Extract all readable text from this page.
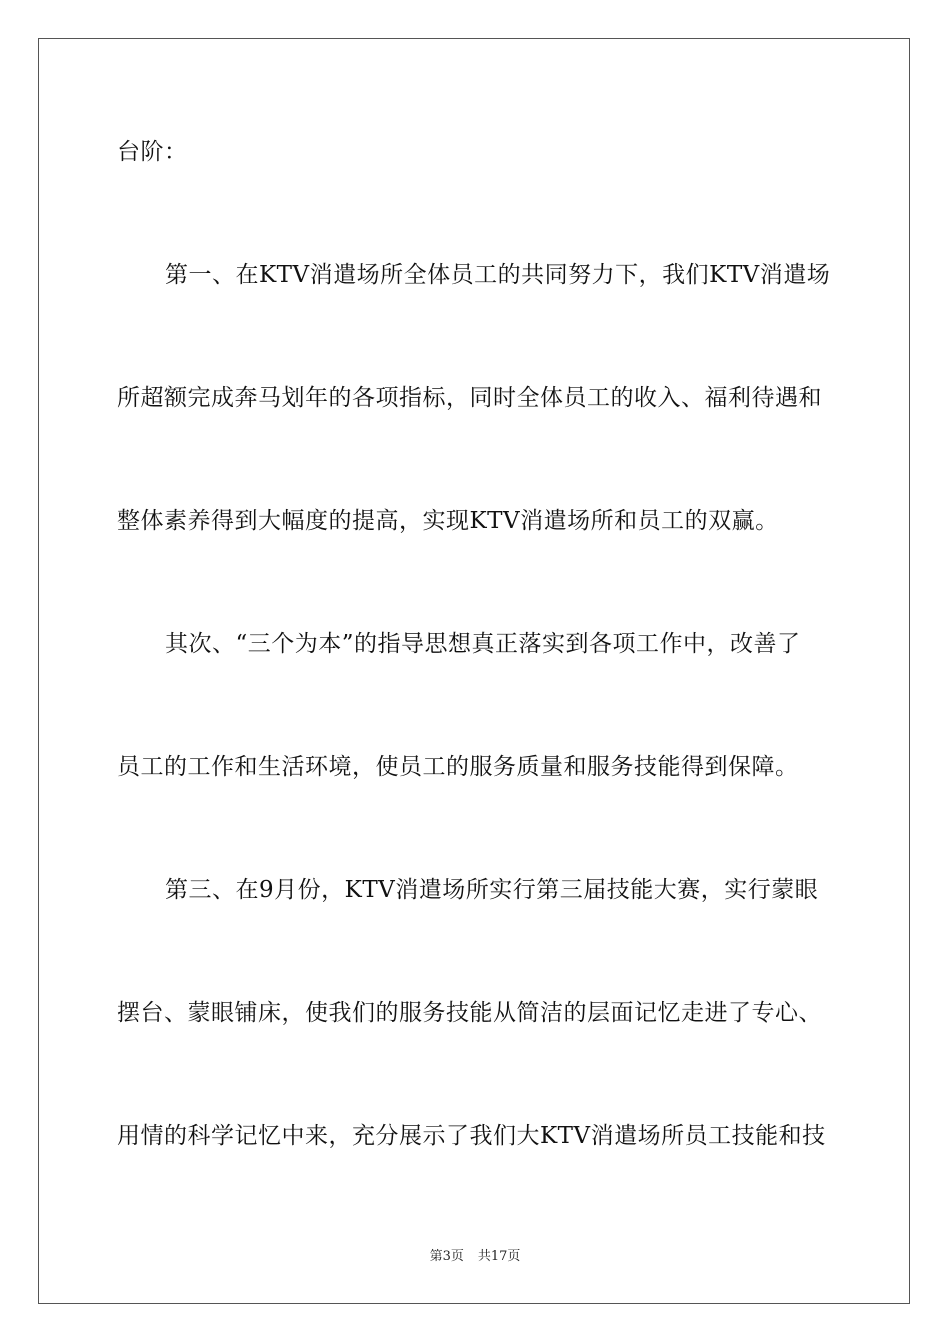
台阶：
第一、在KTV消遣场所全体员工的共同努力下，我们KTV消遣场
所超额完成奔马划年的各项指标，同时全体员工的收入、福利待遇和
整体素养得到大幅度的提高，实现KTV消遣场所和员工的双赢。
其次、“三个为本”的指导思想真正落实到各项工作中，改善了
员工的工作和生活环境，使员工的服务质量和服务技能得到保障。
第三、在9月份，KTV消遣场所实行第三届技能大赛，实行蒙眼
摆台、蒙眼铺床，使我们的服务技能从简洁的层面记忆走进了专心、
用情的科学记忆中来，充分展示了我们大KTV消遣场所员工技能和技
第3页 共17页
